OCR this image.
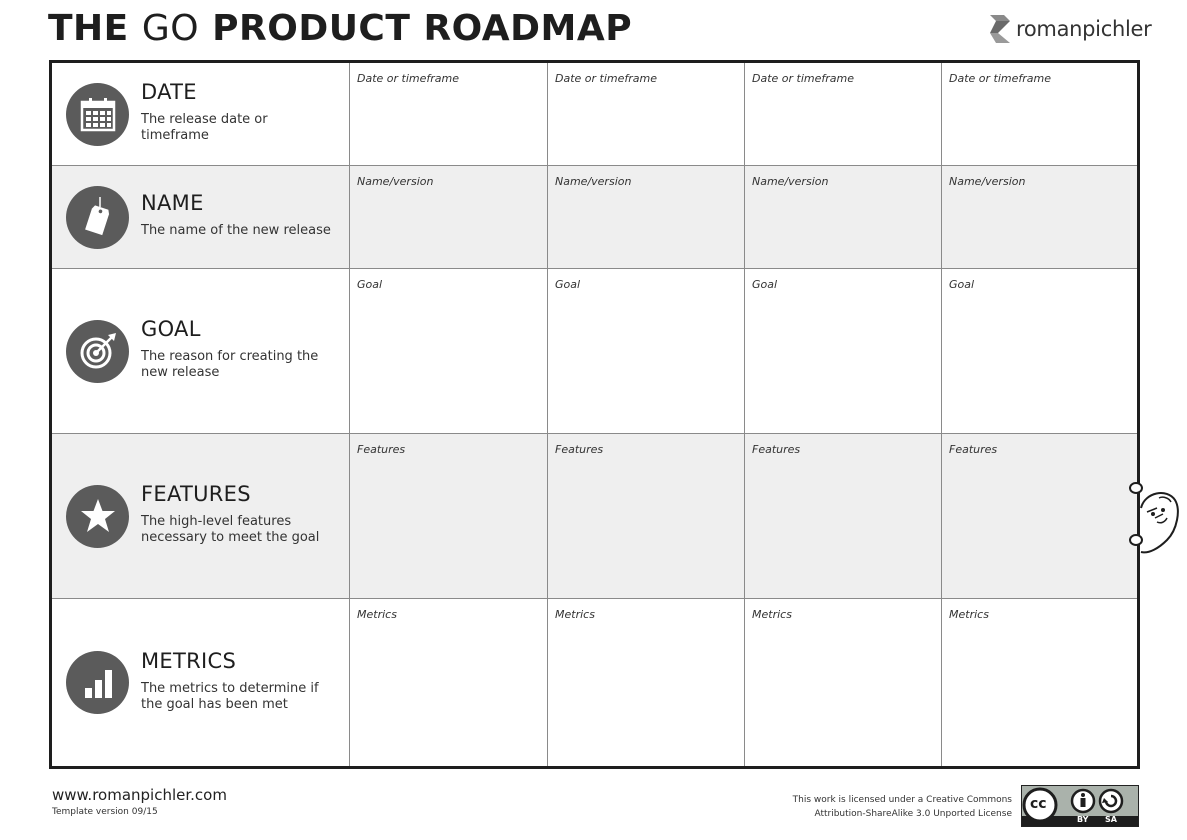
THE GO PRODUCT ROADMAP	romanpichler
DATE
The release date or timeframe
Date or timeframe	Date or timeframe	Date or timeframe	Date or timeframe
NAME
The name of the new release
Name/version	Name/version	Name/version	Name/version
GOAL
The reason for creating the new release
Goal	Goal	Goal	Goal
FEATURES
The high-level features necessary to meet the goal
Features	Features	Features	Features
METRICS
The metrics to determine if the goal has been met
Metrics	Metrics	Metrics	Metrics
www.romanpichler.com
Template version 09/15
This work is licensed under a Creative Commons
Attribution-ShareAlike 3.0 Unported License
cc
BY SA
